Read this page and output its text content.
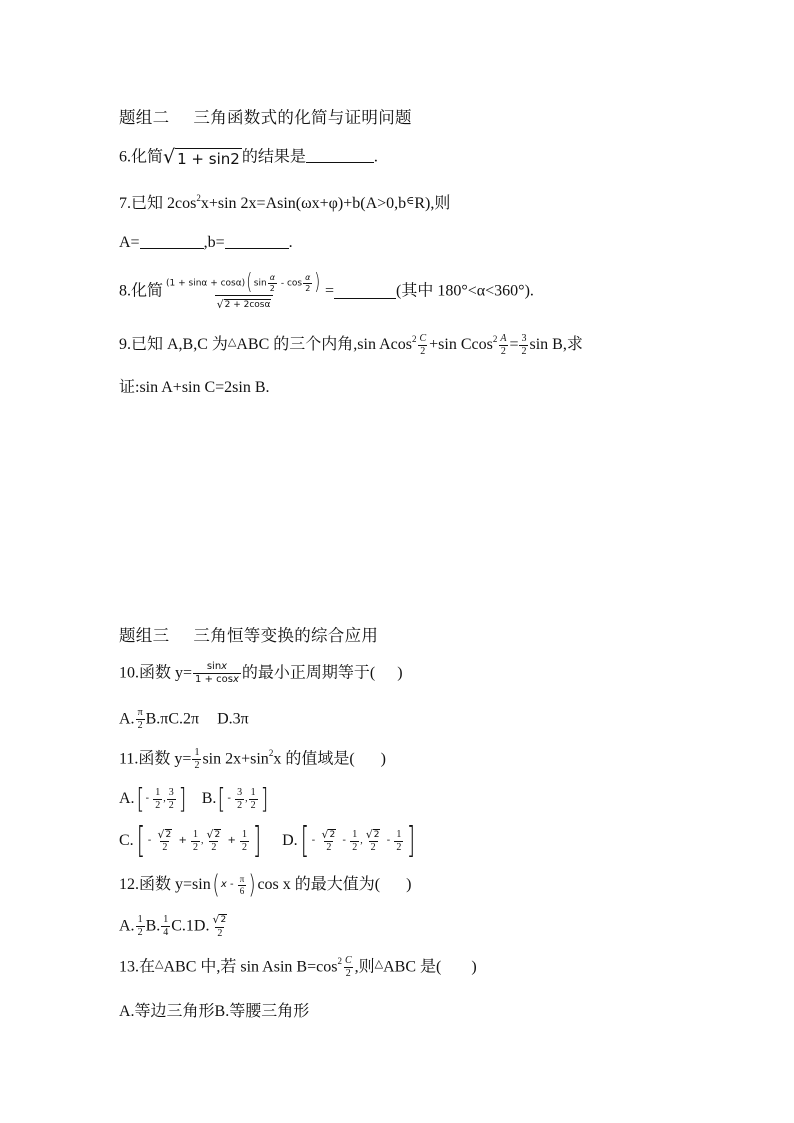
题组二 三角函数式的化简与证明问题
6.化简 √ 1 + sin2 的结果是	.
7.已知 $2\cos^2x+\sin$ 2x=Asin(ωx+φ)+b(A>0,b∈R),则
A=	,b=	.
8.化简 $\frac{(1 + \sin\alpha + \cos\alpha)(\sin \frac{\alpha}{2} - \cos \frac{\alpha}{2} )}{√ 2 + 2\cos\alpha}$ =	(其中 180°<α<360°).
9.已知 A,B,C 为△ABC 的三个内角,sin $Acos^2 \frac{C}{2} +\sin$ $Ccos^2 \frac{A}{2} = \frac{3}{2}$ sin B,求
证:sin A+sin C=2sin B.
题组三 三角恒等变换的综合应用
10.函数 $y= \frac{\sin x}{1 + \cos x}$ 的最小正周期等于( )
A. $\frac{\pi}{2} B.\pi C.2\pi$ D.3π
11.函数 $y= \frac{1}{2}$ $\sin 2x+\sin^2x$ 的值域是( )
$A.[ - \frac{1}{2}$ , $\frac{3}{2}$ ] $B.[ - \frac{3}{2}$ , $\frac{1}{2}$ ]
$C.[ - \frac{√ 2}{2} + \frac{1}{2}$ , $\frac{√ 2}{2} + \frac{1}{2}$ ] $D.[ - \frac{√ 2}{2} - \frac{1}{2}$ , $\frac{√ 2}{2} - \frac{1}{2}$ ]
12.函数 y=sin( x - $\frac{\pi}{6} )\cos$ x 的最大值为( )
A. $\frac{1}{2} B$. $\frac{1}{4} C.1D$. $\frac{√ 2}{2}$
13.在△ABC 中,若 sin Asin $B=\cos^2 \frac{C}{2}$ ,则△ABC 是( )
A.等边三角形B.等腰三角形
